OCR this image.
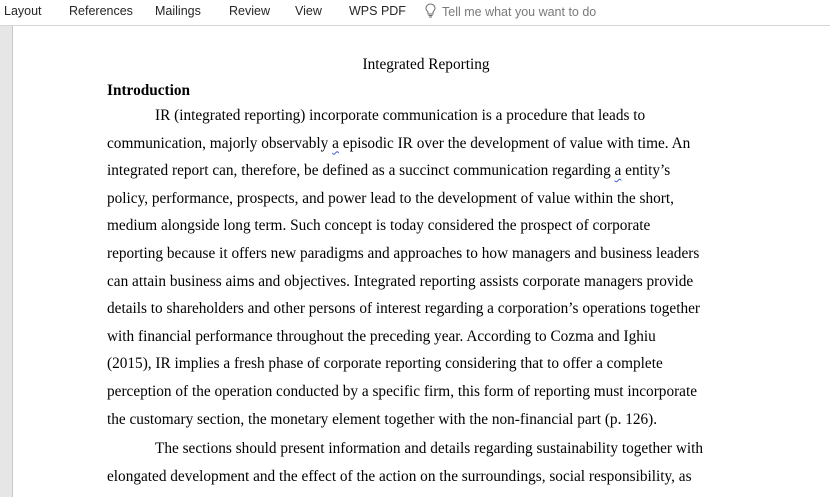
Layout References Mailings Review View WPS PDF	Tell me what you want to do

Integrated Reporting

Introduction

IR (integrated reporting) incorporate communication is a procedure that leads to
communication, majorly observably a episodic IR over the development of value with time. An
integrated report can, therefore, be defined as a succinct communication regarding a entity’s
policy, performance, prospects, and power lead to the development of value within the short,
medium alongside long term. Such concept is today considered the prospect of corporate
reporting because it offers new paradigms and approaches to how managers and business leaders
can attain business aims and objectives. Integrated reporting assists corporate managers provide
details to shareholders and other persons of interest regarding a corporation’s operations together
with financial performance throughout the preceding year. According to Cozma and Ighiu
(2015), IR implies a fresh phase of corporate reporting considering that to offer a complete
perception of the operation conducted by a specific firm, this form of reporting must incorporate
the customary section, the monetary element together with the non-financial part (p. 126).
The sections should present information and details regarding sustainability together with
elongated development and the effect of the action on the surroundings, social responsibility, as
